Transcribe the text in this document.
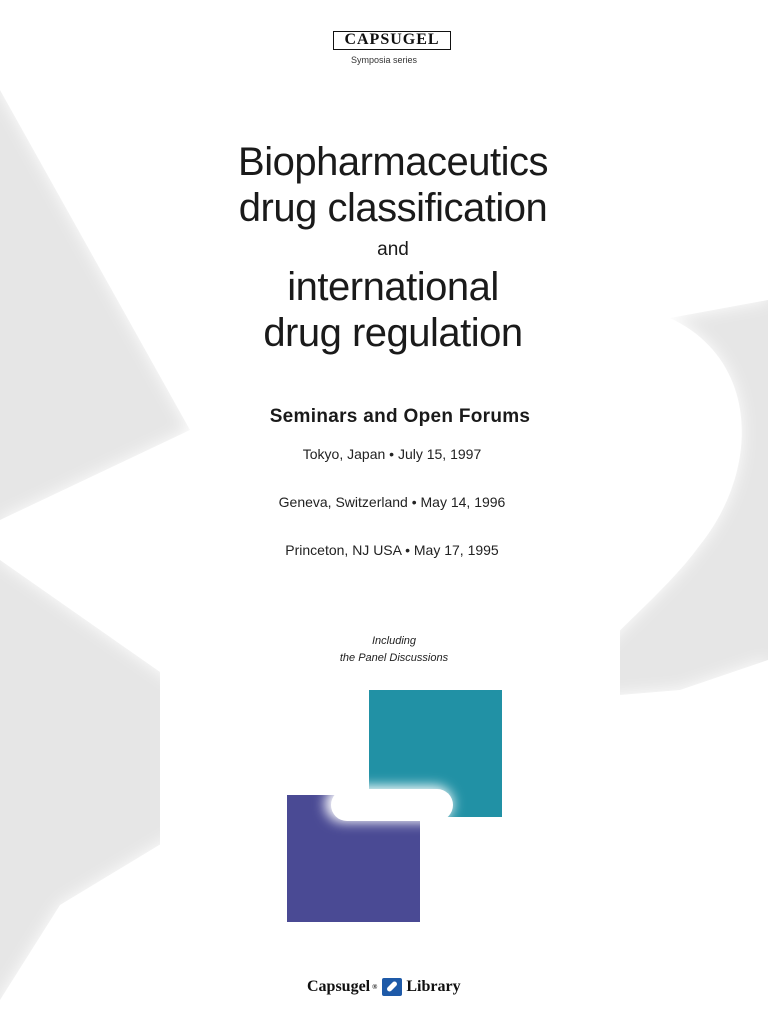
CAPSUGEL
Symposia series
Biopharmaceutics
drug classification
and
international
drug regulation
Seminars and Open Forums
Tokyo, Japan • July 15, 1997
Geneva, Switzerland • May 14, 1996
Princeton, NJ USA • May 17, 1995
Including
the Panel Discussions
Capsugel ® Library
